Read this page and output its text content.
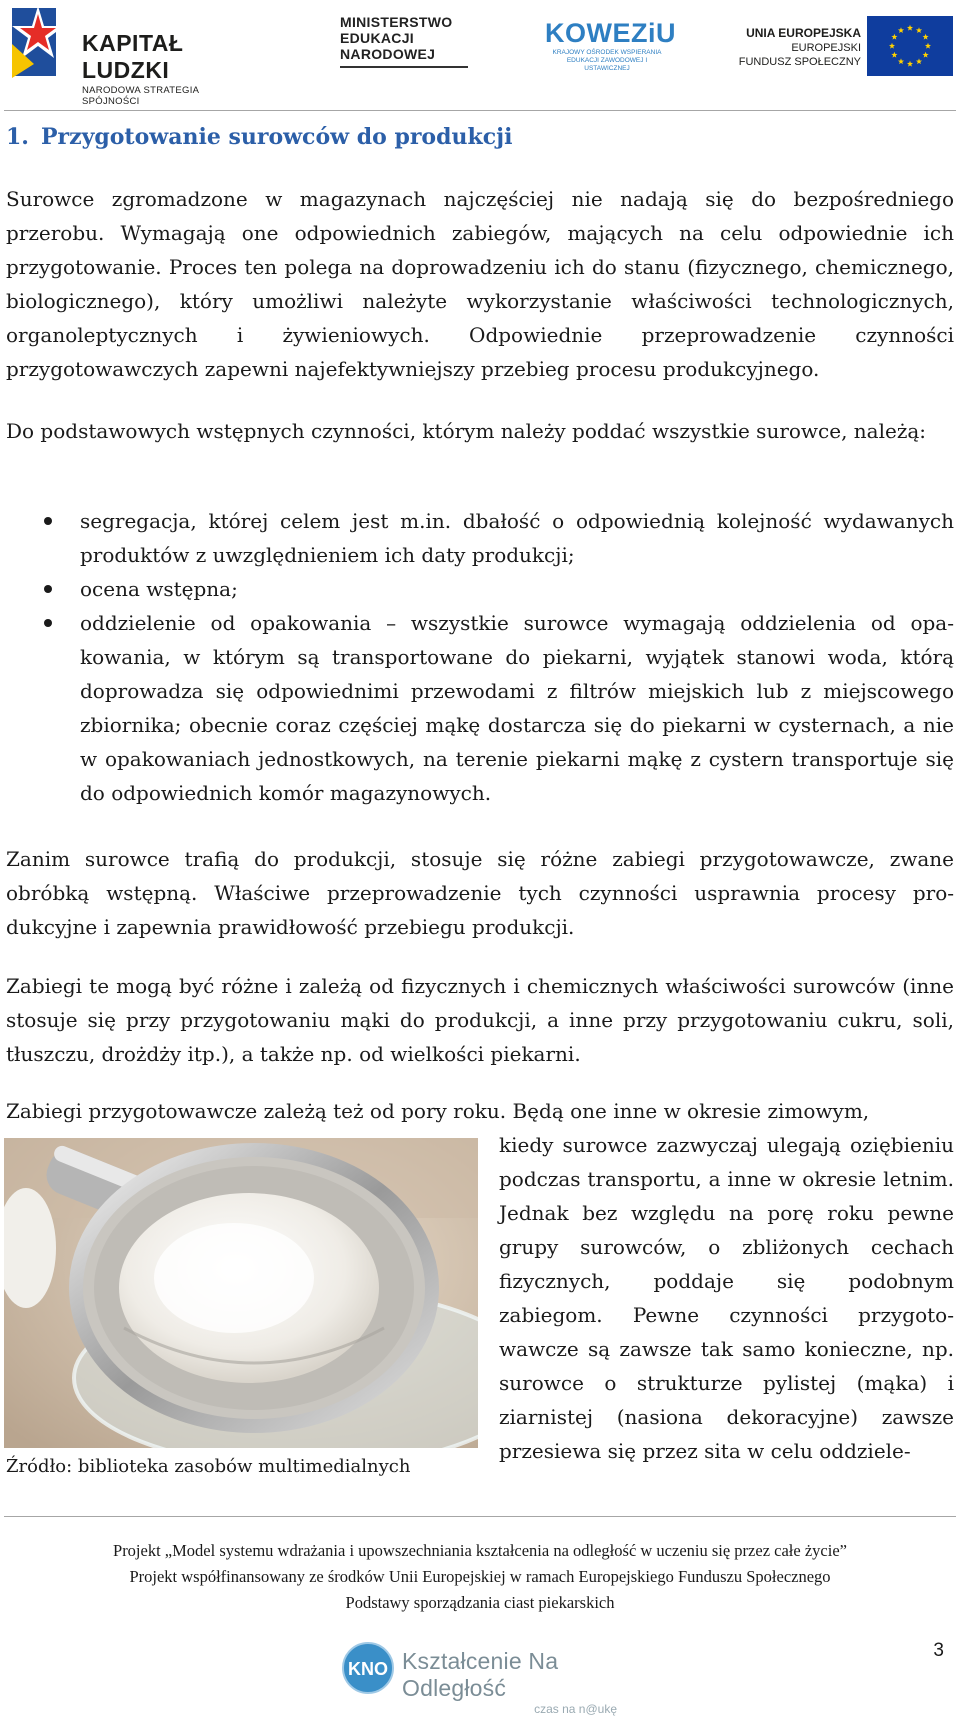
KAPITAŁ LUDZKI
NARODOWA STRATEGIA SPÓJNOŚCI
MINISTERSTWO
EDUKACJI
NARODOWEJ
KOWEZiU
KRAJOWY OŚRODEK WSPIERANIA
EDUKACJI ZAWODOWEJ I USTAWICZNEJ
UNIA EUROPEJSKA
EUROPEJSKI
FUNDUSZ SPOŁECZNY
1. Przygotowanie surowców do produkcji

Surowce zgromadzone w magazynach najczęściej nie nadają się do bezpośredniego przerobu. Wymagają one odpowiednich zabiegów, mających na celu odpowiednie ich przygotowanie. Proces ten polega na doprowadzeniu ich do stanu (fizycznego, chemicznego, biologicznego), który umożliwi należyte wykorzystanie właściwości technologicznych, organoleptycznych i żywieniowych. Odpowiednie przeprowadzenie czynności przygotowawczych zapewni najefektywniejszy przebieg procesu produkcyjnego.

Do podstawowych wstępnych czynności, którym należy poddać wszystkie surowce, należą:

segregacja, której celem jest m.in. dbałość o odpowiednią kolejność wydawanych produktów z uwzględnieniem ich daty produkcji;
ocena wstępna;
oddzielenie od opakowania – wszystkie surowce wymagają oddzielenia od opakowania, w którym są transportowane do piekarni, wyjątek stanowi woda, którą doprowadza się odpowiednimi przewodami z filtrów miejskich lub z miejscowego zbiornika; obecnie coraz częściej mąkę dostarcza się do piekarni w cysternach, a nie w opakowaniach jednostkowych, na terenie piekarni mąkę z cystern transportuje się do odpowiednich komór magazynowych.

Zanim surowce trafią do produkcji, stosuje się różne zabiegi przygotowawcze, zwane obróbką wstępną. Właściwe przeprowadzenie tych czynności usprawnia procesy produkcyjne i zapewnia prawidłowość przebiegu produkcji.

Zabiegi te mogą być różne i zależą od fizycznych i chemicznych właściwości surowców (inne stosuje się przy przygotowaniu mąki do produkcji, a inne przy przygotowaniu cukru, soli, tłuszczu, drożdży itp.), a także np. od wielkości piekarni.

Zabiegi przygotowawcze zależą też od pory roku. Będą one inne w okresie zimowym,

Źródło: biblioteka zasobów multimedialnych

kiedy surowce zazwyczaj ulegają oziębieniu podczas transportu, a inne w okresie letnim. Jednak bez względu na porę roku pewne grupy surowców, o zbliżonych cechach fizycznych, poddaje się podobnym zabiegom. Pewne czynności przygotowawcze są zawsze tak samo konieczne, np. surowce o strukturze pylistej (mąka) i ziarnistej (nasiona dekoracyjne) zawsze przesiewa się przez sita w celu oddziele-

Projekt „Model systemu wdrażania i upowszechniania kształcenia na odległość w uczeniu się przez całe życie”
Projekt współfinansowany ze środków Unii Europejskiej w ramach Europejskiego Funduszu Społecznego
Podstawy sporządzania ciast piekarskich
3
KNO Kształcenie Na Odległość
czas na n@ukę
